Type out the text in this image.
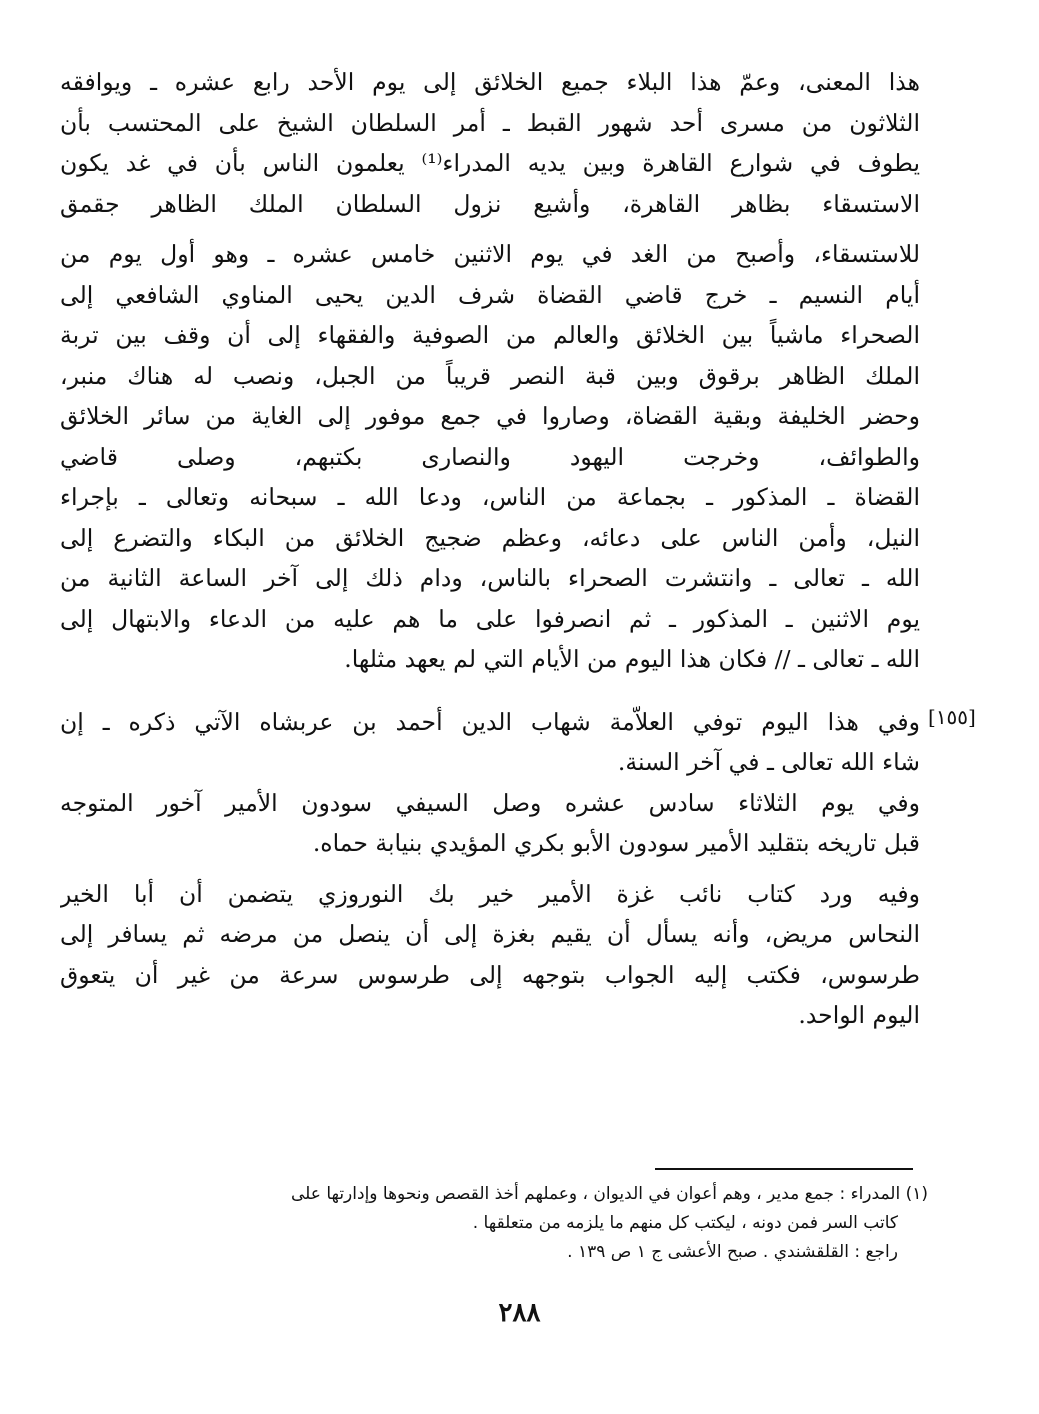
هذا المعنى، وعمّ هذا البلاء جميع الخلائق إلى يوم الأحد رابع عشره ـ ويوافقه
الثلاثون من مسرى أحد شهور القبط ـ أمر السلطان الشيخ على المحتسب بأن
يطوف في شوارع القاهرة وبين يديه المدراء⁽¹⁾ يعلمون الناس بأن في غد يكون
الاستسقاء بظاهر القاهرة، وأشيع نزول السلطان الملك الظاهر جقمق
للاستسقاء، وأصبح من الغد في يوم الاثنين خامس عشره ـ وهو أول يوم من
أيام النسيم ـ خرج قاضي القضاة شرف الدين يحيى المناوي الشافعي إلى
الصحراء ماشياً بين الخلائق والعالم من الصوفية والفقهاء إلى أن وقف بين تربة
الملك الظاهر برقوق وبين قبة النصر قريباً من الجبل، ونصب له هناك منبر،
وحضر الخليفة وبقية القضاة، وصاروا في جمع موفور إلى الغاية من سائر الخلائق
والطوائف، وخرجت اليهود والنصارى بكتبهم، وصلى قاضي
القضاة ـ المذكور ـ بجماعة من الناس، ودعا الله ـ سبحانه وتعالى ـ بإجراء
النيل، وأمن الناس على دعائه، وعظم ضجيج الخلائق من البكاء والتضرع إلى
الله ـ تعالى ـ وانتشرت الصحراء بالناس، ودام ذلك إلى آخر الساعة الثانية من
يوم الاثنين ـ المذكور ـ ثم انصرفوا على ما هم عليه من الدعاء والابتهال إلى
الله ـ تعالى ـ // فكان هذا اليوم من الأيام التي لم يعهد مثلها.
وفي هذا اليوم توفي العلاّمة شهاب الدين أحمد بن عربشاه الآتي ذكره ـ إن
شاء الله تعالى ـ في آخر السنة.
وفي يوم الثلاثاء سادس عشره وصل السيفي سودون الأمير آخور المتوجه
قبل تاريخه بتقليد الأمير سودون الأبو بكري المؤيدي بنيابة حماه.
وفيه ورد كتاب نائب غزة الأمير خير بك النوروزي يتضمن أن أبا الخير
النحاس مريض، وأنه يسأل أن يقيم بغزة إلى أن ينصل من مرضه ثم يسافر إلى
طرسوس، فكتب إليه الجواب بتوجهه إلى طرسوس سرعة من غير أن يتعوق
اليوم الواحد.
[١٥٥]
(١) المدراء : جمع مدير ، وهم أعوان في الديوان ، وعملهم أخذ القصص ونحوها وإدارتها على
كاتب السر فمن دونه ، ليكتب كل منهم ما يلزمه من متعلقها .
راجع : القلقشندي . صبح الأعشى ج ١ ص ١٣٩ .
٢٨٨
